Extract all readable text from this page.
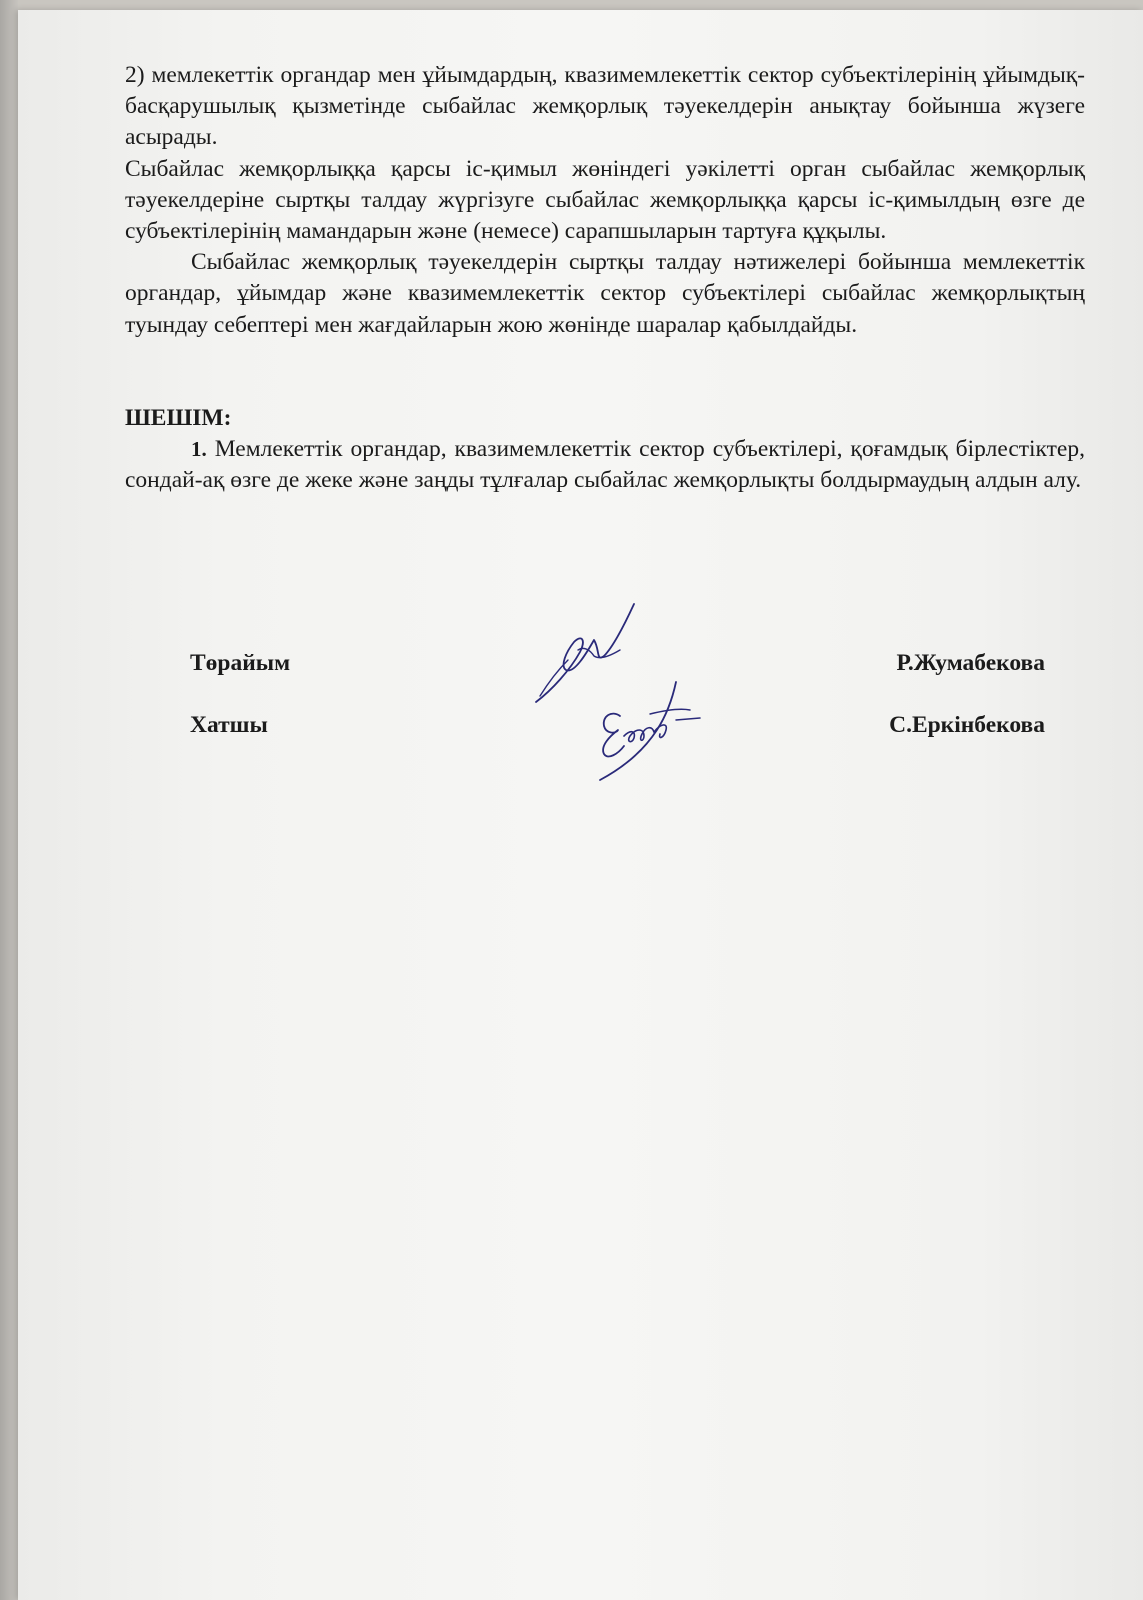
2) мемлекеттік органдар мен ұйымдардың, квазимемлекеттік сектор субъектілерінің ұйымдық-басқарушылық қызметінде сыбайлас жемқорлық тәуекелдерін анықтау бойынша жүзеге асырады.

Сыбайлас жемқорлыққа қарсы іс-қимыл жөніндегі уәкілетті орган сыбайлас жемқорлық тәуекелдеріне сыртқы талдау жүргізуге сыбайлас жемқорлыққа қарсы іс-қимылдың өзге де субъектілерінің мамандарын және (немесе) сарапшыларын тартуға құқылы.

Сыбайлас жемқорлық тәуекелдерін сыртқы талдау нәтижелері бойынша мемлекеттік органдар, ұйымдар және квазимемлекеттік сектор субъектілері сыбайлас жемқорлықтың туындау себептері мен жағдайларын жою жөнінде шаралар қабылдайды.

ШЕШІМ:

1. Мемлекеттік органдар, квазимемлекеттік сектор субъектілері, қоғамдық бірлестіктер, сондай-ақ өзге де жеке және заңды тұлғалар сыбайлас жемқорлықты болдырмаудың алдын алу.

Төрайым	Р.Жумабекова
Хатшы	С.Еркінбекова
